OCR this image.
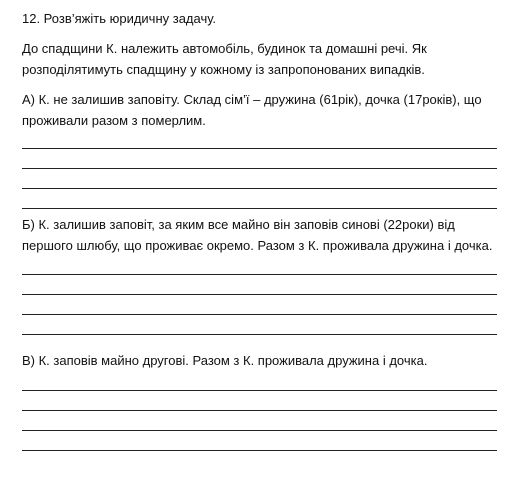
12. Розв’яжіть юридичну задачу.

До спадщини К. належить автомобіль, будинок та домашні речі. Як

розподілятимуть спадщину у кожному із запропонованих випадків.

А) К. не залишив заповіту. Склад сім’ї – дружина (61рік), дочка (17років), що

проживали разом з померлим.

Б) К. залишив заповіт, за яким все майно він заповів синові (22роки) від

першого шлюбу, що проживає окремо. Разом з К. проживала дружина і дочка.

В) К. заповів майно другові. Разом з К. проживала дружина і дочка.
